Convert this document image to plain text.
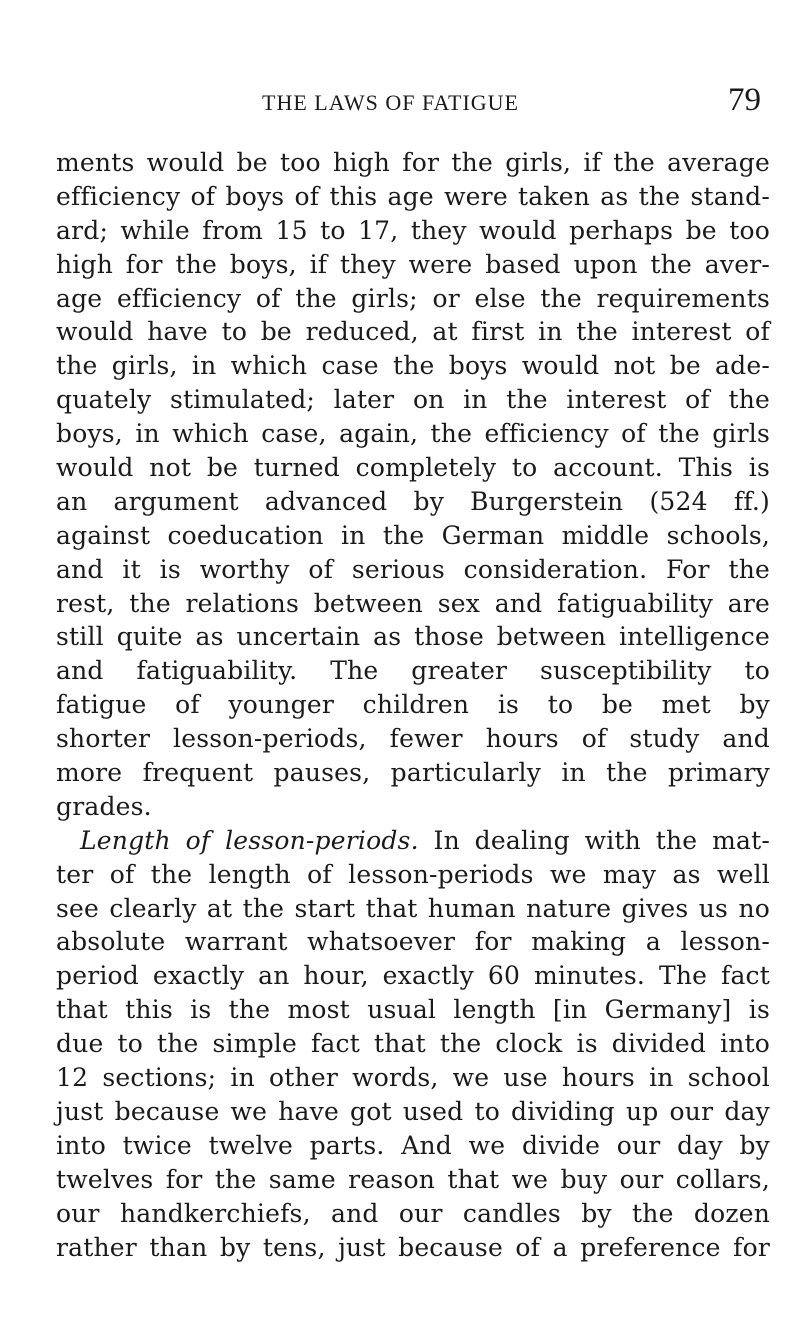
THE LAWS OF FATIGUE	79
ments would be too high for the girls, if the average
efficiency of boys of this age were taken as the stand-
ard; while from 15 to 17, they would perhaps be too
high for the boys, if they were based upon the aver-
age efficiency of the girls; or else the requirements
would have to be reduced, at first in the interest of
the girls, in which case the boys would not be ade-
quately stimulated; later on in the interest of the
boys, in which case, again, the efficiency of the girls
would not be turned completely to account. This is
an argument advanced by Burgerstein (524 ff.)
against coeducation in the German middle schools,
and it is worthy of serious consideration. For the
rest, the relations between sex and fatiguability are
still quite as uncertain as those between intelligence
and fatiguability. The greater susceptibility to
fatigue of younger children is to be met by
shorter lesson-periods, fewer hours of study and
more frequent pauses, particularly in the primary
grades.
Length of lesson-periods. In dealing with the mat-
ter of the length of lesson-periods we may as well
see clearly at the start that human nature gives us no
absolute warrant whatsoever for making a lesson-
period exactly an hour, exactly 60 minutes. The fact
that this is the most usual length [in Germany] is
due to the simple fact that the clock is divided into
12 sections; in other words, we use hours in school
just because we have got used to dividing up our day
into twice twelve parts. And we divide our day by
twelves for the same reason that we buy our collars,
our handkerchiefs, and our candles by the dozen
rather than by tens, just because of a preference for
